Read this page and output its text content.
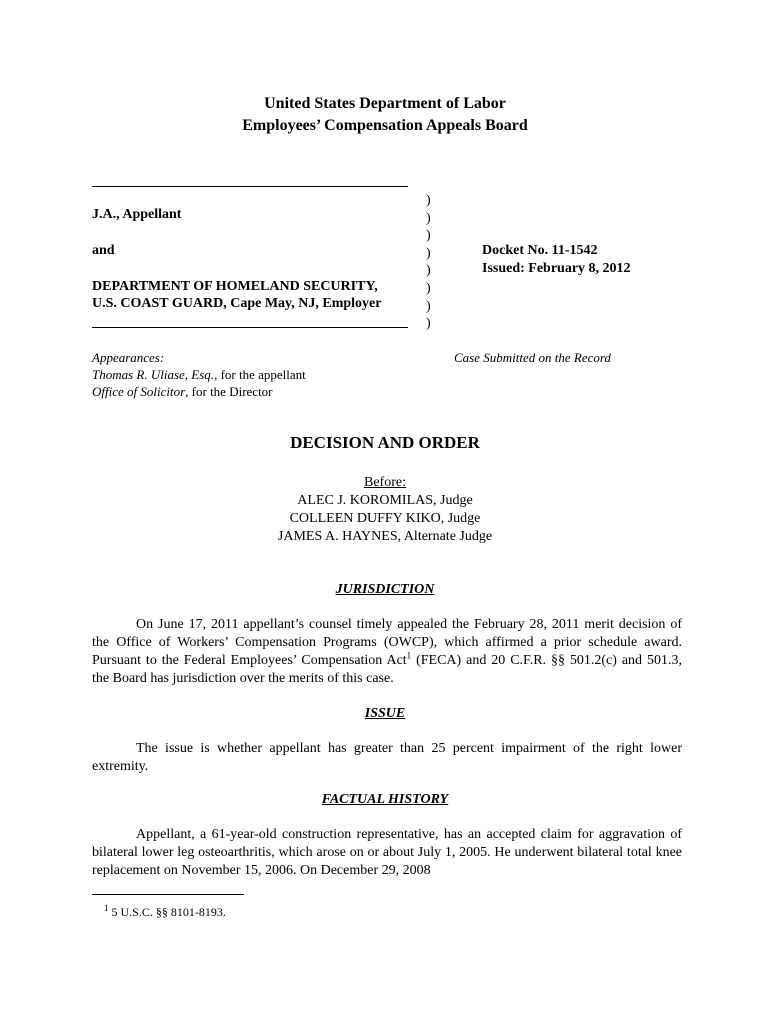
United States Department of Labor
Employees’ Compensation Appeals Board
J.A., Appellant
and
DEPARTMENT OF HOMELAND SECURITY,
U.S. COAST GUARD, Cape May, NJ, Employer
)
)
)
)
)
)
)
)
Docket No. 11-1542
Issued: February 8, 2012
Appearances:
Thomas R. Uliase, Esq., for the appellant
Office of Solicitor, for the Director
Case Submitted on the Record
DECISION AND ORDER
Before:
ALEC J. KOROMILAS, Judge
COLLEEN DUFFY KIKO, Judge
JAMES A. HAYNES, Alternate Judge
JURISDICTION
On June 17, 2011 appellant’s counsel timely appealed the February 28, 2011 merit decision of the Office of Workers’ Compensation Programs (OWCP), which affirmed a prior schedule award. Pursuant to the Federal Employees’ Compensation Act$^1$ (FECA) and 20 C.F.R. §§ 501.2(c) and 501.3, the Board has jurisdiction over the merits of this case.
ISSUE
The issue is whether appellant has greater than 25 percent impairment of the right lower extremity.
FACTUAL HISTORY
Appellant, a 61-year-old construction representative, has an accepted claim for aggravation of bilateral lower leg osteoarthritis, which arose on or about July 1, 2005. He underwent bilateral total knee replacement on November 15, 2006. On December 29, 2008
$^1$ 5 U.S.C. §§ 8101-8193.
